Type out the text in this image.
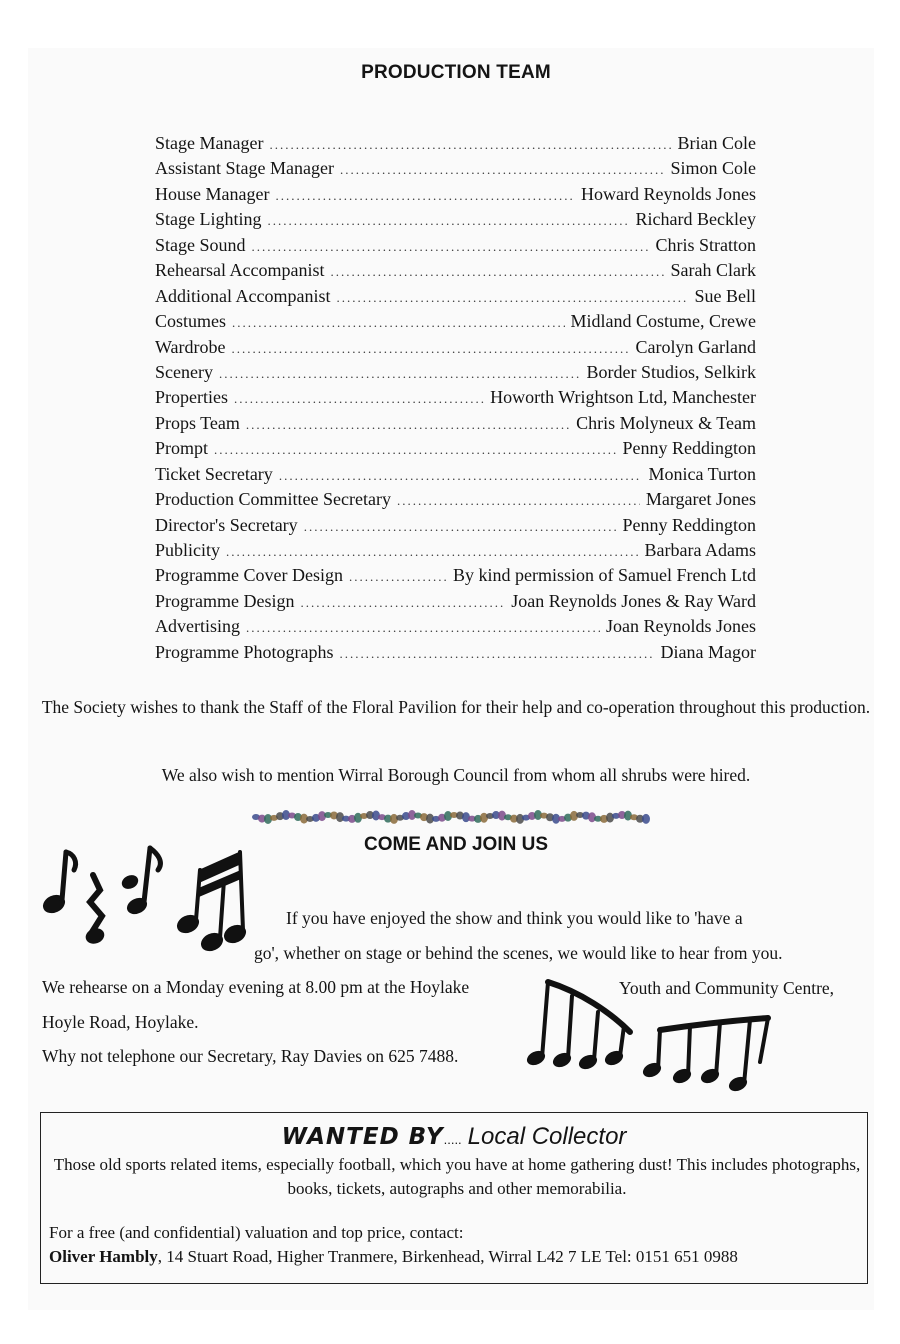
PRODUCTION TEAM
Stage Manager .....	Brian Cole
Assistant Stage Manager .....	Simon Cole
House Manager .....	Howard Reynolds Jones
Stage Lighting .....	Richard Beckley
Stage Sound .....	Chris Stratton
Rehearsal Accompanist .....	Sarah Clark
Additional Accompanist .....	Sue Bell
Costumes .....	Midland Costume, Crewe
Wardrobe .....	Carolyn Garland
Scenery .....	Border Studios, Selkirk
Properties .....	Howorth Wrightson Ltd, Manchester
Props Team .....	Chris Molyneux & Team
Prompt .....	Penny Reddington
Ticket Secretary .....	Monica Turton
Production Committee Secretary .....	Margaret Jones
Director's Secretary .....	Penny Reddington
Publicity .....	Barbara Adams
Programme Cover Design .....	By kind permission of Samuel French Ltd
Programme Design .....	Joan Reynolds Jones & Ray Ward
Advertising .....	Joan Reynolds Jones
Programme Photographs .....	Diana Magor
The Society wishes to thank the Staff of the Floral Pavilion for their help and co-operation throughout this production.
We also wish to mention Wirral Borough Council from whom all shrubs were hired.
COME AND JOIN US
If you have enjoyed the show and think you would like to 'have a
go', whether on stage or behind the scenes, we would like to hear from you.
We rehearse on a Monday evening at 8.00 pm at the Hoylake	Youth and Community Centre,
Hoyle Road, Hoylake.
Why not telephone our Secretary, Ray Davies on 625 7488.
WANTED BY..... Local Collector
Those old sports related items, especially football, which you have at home gathering dust! This includes photographs, books, tickets, autographs and other memorabilia.
For a free (and confidential) valuation and top price, contact:
Oliver Hambly, 14 Stuart Road, Higher Tranmere, Birkenhead, Wirral L42 7 LE Tel: 0151 651 0988
